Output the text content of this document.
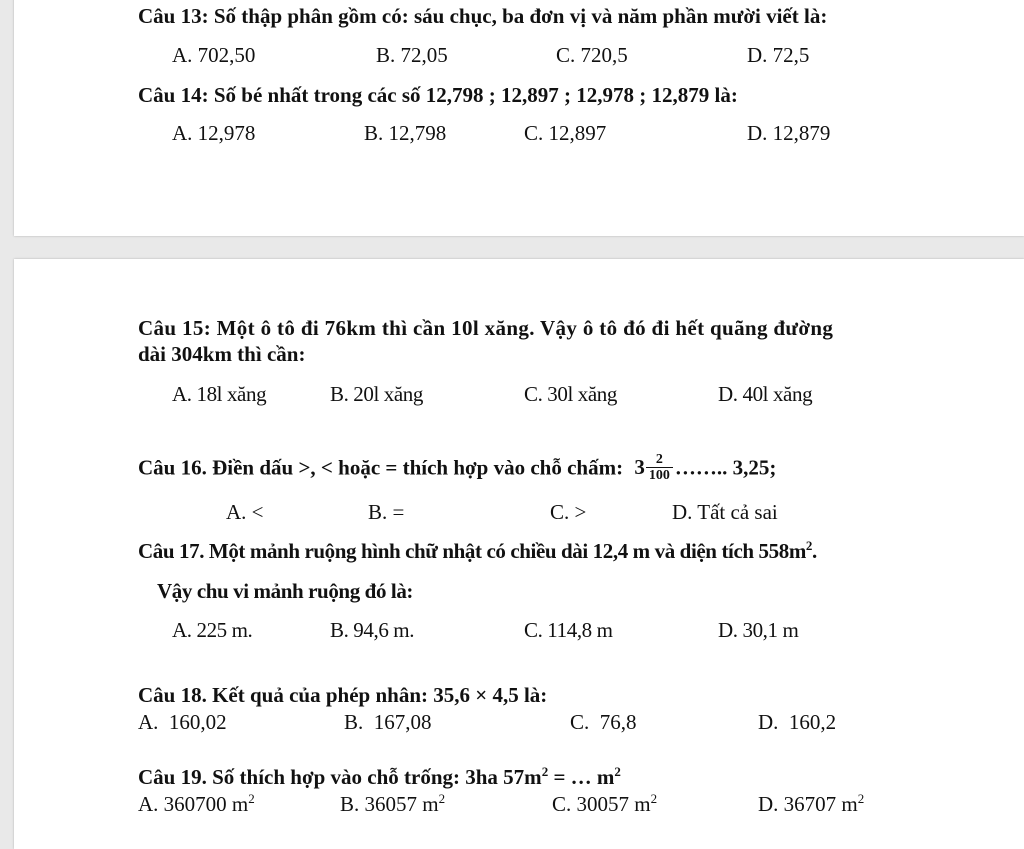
Câu 13: Số thập phân gồm có: sáu chục, ba đơn vị và năm phần mười viết là:
A. 702,50	B. 72,05	C. 720,5	D. 72,5
Câu 14: Số bé nhất trong các số 12,798 ; 12,897 ; 12,978 ; 12,879 là:
A. 12,978	B. 12,798	C. 12,897	D. 12,879
Câu 15: Một ô tô đi 76km thì cần 10l xăng. Vậy ô tô đó đi hết quãng đường
dài 304km thì cần:
A. 18l xăng	B. 20l xăng	C. 30l xăng	D. 40l xăng
Câu 16. Điền dấu >, < hoặc = thích hợp vào chỗ chấm: $3 \frac{2}{100}$ …….. 3,25;
A. <	B. =	C. >	D. Tất cả sai
Câu 17. Một mảnh ruộng hình chữ nhật có chiều dài 12,4 m và diện tích $558m^2$.
Vậy chu vi mảnh ruộng đó là:
A. 225 m.	B. 94,6 m.	C. 114,8 m	D. 30,1 m
Câu 18. Kết quả của phép nhân: 35,6 × 4,5 là:
A.  160,02	B.  167,08	C.  76,8	D.  160,2
Câu 19. Số thích hợp vào chỗ trống: 3ha $57m^2$ = … $m^2$
A. 360700 $m^2$	B. 36057 $m^2$	C. 30057 $m^2$	D. 36707 $m^2$
